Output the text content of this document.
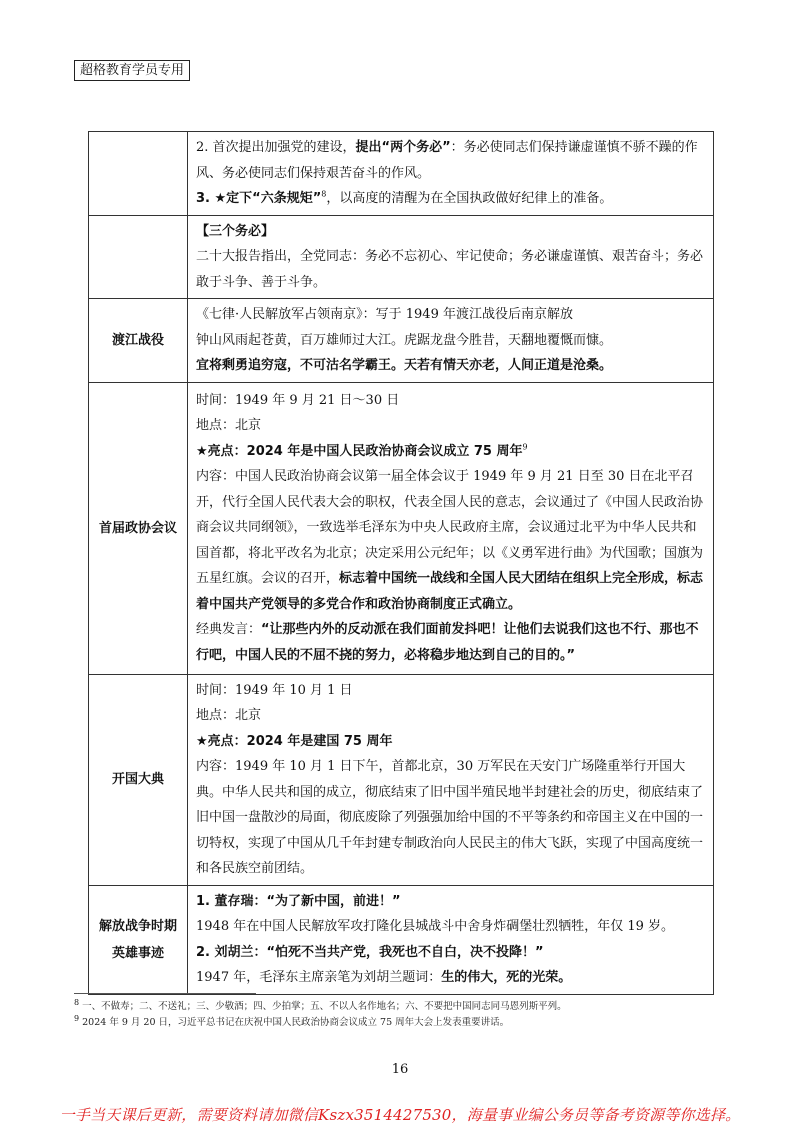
超格教育学员专用

	2. 首次提出加强党的建设，提出“两个务必”：务必使同志们保持谦虚谨慎不骄不躁的作风、务必使同志们保持艰苦奋斗的作风。
3. ★定下“六条规矩”$^8$，以高度的清醒为在全国执政做好纪律上的准备。

	【三个务必】
二十大报告指出，全党同志：务必不忘初心、牢记使命；务必谦虚谨慎、艰苦奋斗；务必敢于斗争、善于斗争。

渡江战役	《七律·人民解放军占领南京》：写于 1949 年渡江战役后南京解放
钟山风雨起苍黄，百万雄师过大江。虎踞龙盘今胜昔，天翻地覆慨而慷。
宜将剩勇追穷寇，不可沽名学霸王。天若有情天亦老，人间正道是沧桑。

首届政协会议	时间：1949 年 9 月 21 日～30 日
地点：北京
★亮点：2024 年是中国人民政治协商会议成立 75 周年$^9$
内容：中国人民政治协商会议第一届全体会议于 1949 年 9 月 21 日至 30 日在北平召开，代行全国人民代表大会的职权，代表全国人民的意志，会议通过了《中国人民政治协商会议共同纲领》，一致选举毛泽东为中央人民政府主席，会议通过北平为中华人民共和国首都，将北平改名为北京；决定采用公元纪年；以《义勇军进行曲》为代国歌；国旗为五星红旗。会议的召开，标志着中国统一战线和全国人民大团结在组织上完全形成，标志着中国共产党领导的多党合作和政治协商制度正式确立。
经典发言：“让那些内外的反动派在我们面前发抖吧！让他们去说我们这也不行、那也不行吧，中国人民的不屈不挠的努力，必将稳步地达到自己的目的。”

开国大典	时间：1949 年 10 月 1 日
地点：北京
★亮点：2024 年是建国 75 周年
内容：1949 年 10 月 1 日下午，首都北京，30 万军民在天安门广场隆重举行开国大典。中华人民共和国的成立，彻底结束了旧中国半殖民地半封建社会的历史，彻底结束了旧中国一盘散沙的局面，彻底废除了列强强加给中国的不平等条约和帝国主义在中国的一切特权，实现了中国从几千年封建专制政治向人民民主的伟大飞跃，实现了中国高度统一和各民族空前团结。

解放战争时期
英雄事迹	1. 董存瑞：“为了新中国，前进！”
1948 年在中国人民解放军攻打隆化县城战斗中舍身炸碉堡壮烈牺牲，年仅 19 岁。
2. 刘胡兰：“怕死不当共产党，我死也不自白，决不投降！”
1947 年，毛泽东主席亲笔为刘胡兰题词：生的伟大，死的光荣。
$^8$ 一、不做寿；二、不送礼；三、少敬酒；四、少拍掌；五、不以人名作地名；六、不要把中国同志同马恩列斯平列。
$^9$ 2024 年 9 月 20 日，习近平总书记在庆祝中国人民政治协商会议成立 75 周年大会上发表重要讲话。
16
一手当天课后更新，需要资料请加微信Kszx3514427530，海量事业编公务员等备考资源等你选择。
